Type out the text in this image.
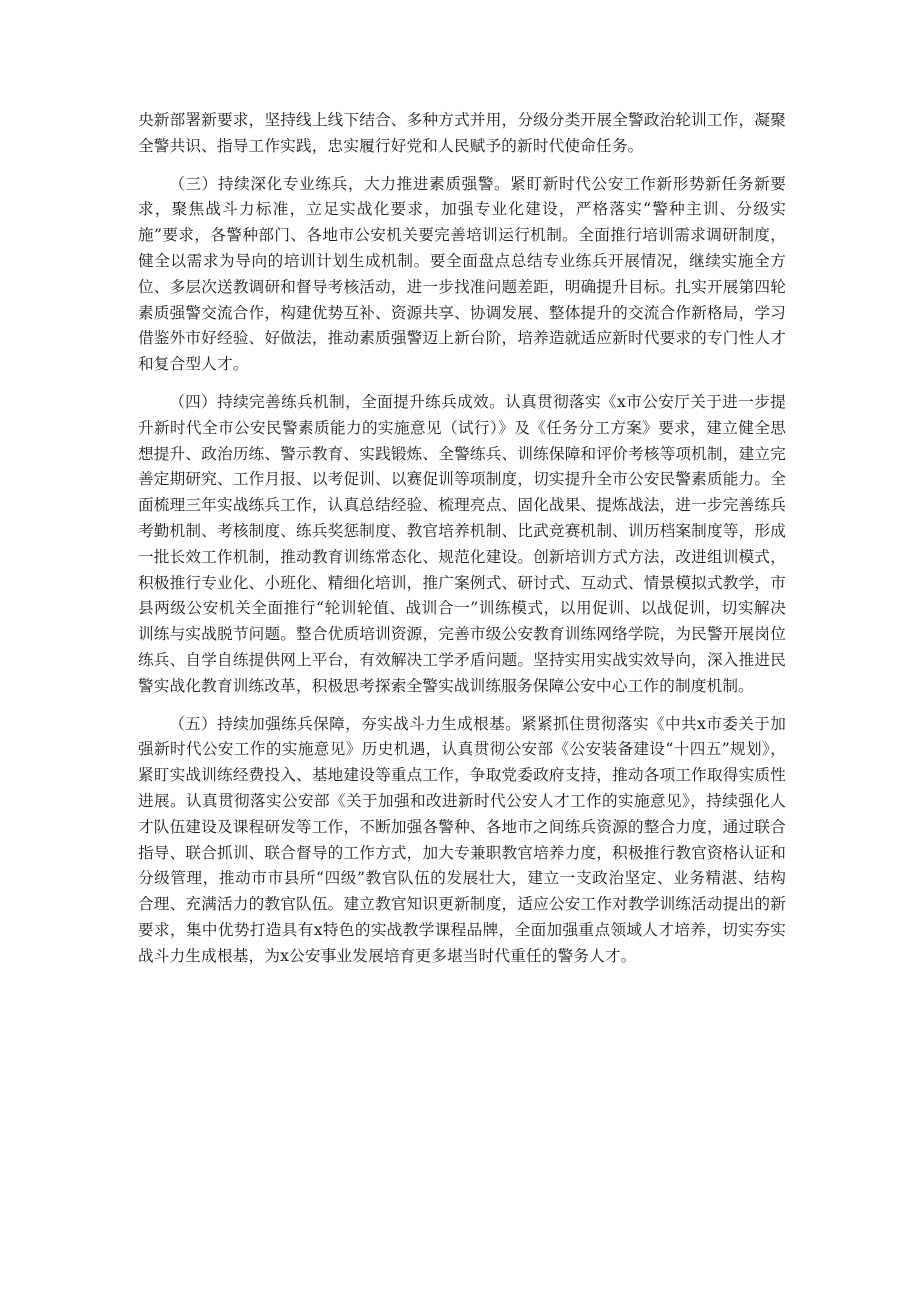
央新部署新要求，坚持线上线下结合、多种方式并用，分级分类开展全警政治轮训工作，凝聚全警共识、指导工作实践，忠实履行好党和人民赋予的新时代使命任务。

（三）持续深化专业练兵，大力推进素质强警。紧盯新时代公安工作新形势新任务新要求，聚焦战斗力标准，立足实战化要求，加强专业化建设，严格落实“警种主训、分级实施”要求，各警种部门、各地市公安机关要完善培训运行机制。全面推行培训需求调研制度，健全以需求为导向的培训计划生成机制。要全面盘点总结专业练兵开展情况，继续实施全方位、多层次送教调研和督导考核活动，进一步找准问题差距，明确提升目标。扎实开展第四轮素质强警交流合作，构建优势互补、资源共享、协调发展、整体提升的交流合作新格局，学习借鉴外市好经验、好做法，推动素质强警迈上新台阶，培养造就适应新时代要求的专门性人才和复合型人才。

（四）持续完善练兵机制，全面提升练兵成效。认真贯彻落实《x市公安厅关于进一步提升新时代全市公安民警素质能力的实施意见（试行）》及《任务分工方案》要求，建立健全思想提升、政治历练、警示教育、实践锻炼、全警练兵、训练保障和评价考核等项机制，建立完善定期研究、工作月报、以考促训、以赛促训等项制度，切实提升全市公安民警素质能力。全面梳理三年实战练兵工作，认真总结经验、梳理亮点、固化战果、提炼战法，进一步完善练兵考勤机制、考核制度、练兵奖惩制度、教官培养机制、比武竞赛机制、训历档案制度等，形成一批长效工作机制，推动教育训练常态化、规范化建设。创新培训方式方法，改进组训模式，积极推行专业化、小班化、精细化培训，推广案例式、研讨式、互动式、情景模拟式教学，市县两级公安机关全面推行“轮训轮值、战训合一”训练模式，以用促训、以战促训，切实解决训练与实战脱节问题。整合优质培训资源，完善市级公安教育训练网络学院，为民警开展岗位练兵、自学自练提供网上平台，有效解决工学矛盾问题。坚持实用实战实效导向，深入推进民警实战化教育训练改革，积极思考探索全警实战训练服务保障公安中心工作的制度机制。

（五）持续加强练兵保障，夯实战斗力生成根基。紧紧抓住贯彻落实《中共x市委关于加强新时代公安工作的实施意见》历史机遇，认真贯彻公安部《公安装备建设“十四五”规划》，紧盯实战训练经费投入、基地建设等重点工作，争取党委政府支持，推动各项工作取得实质性进展。认真贯彻落实公安部《关于加强和改进新时代公安人才工作的实施意见》，持续强化人才队伍建设及课程研发等工作，不断加强各警种、各地市之间练兵资源的整合力度，通过联合指导、联合抓训、联合督导的工作方式，加大专兼职教官培养力度，积极推行教官资格认证和分级管理，推动市市县所“四级”教官队伍的发展壮大，建立一支政治坚定、业务精湛、结构合理、充满活力的教官队伍。建立教官知识更新制度，适应公安工作对教学训练活动提出的新要求，集中优势打造具有x特色的实战教学课程品牌，全面加强重点领域人才培养，切实夯实战斗力生成根基，为x公安事业发展培育更多堪当时代重任的警务人才。
